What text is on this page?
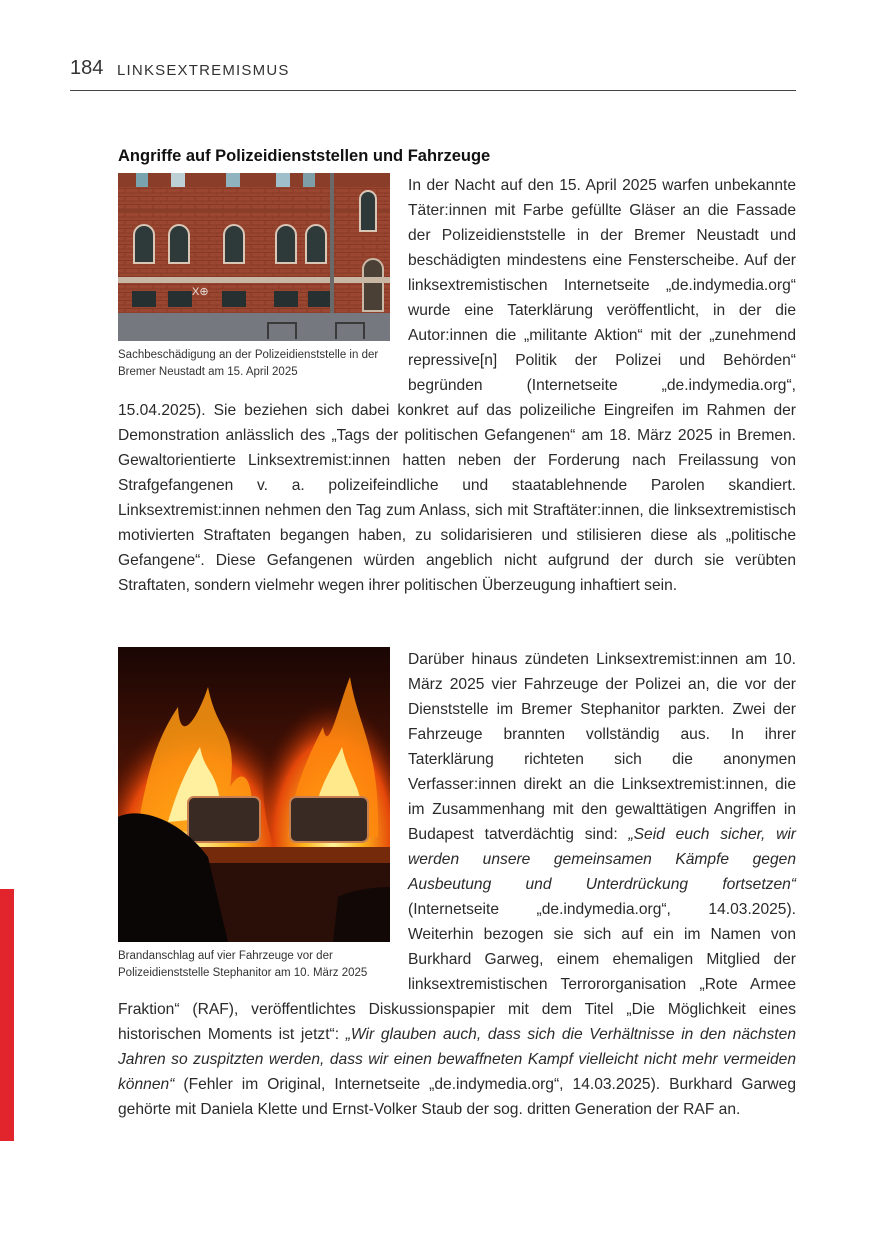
184 LINKSEXTREMISMUS
Angriffe auf Polizeidienststellen und Fahrzeuge
X⊕
Sachbeschädigung an der Polizeidienststelle in der Bremer Neustadt am 15. April 2025
In der Nacht auf den 15. April 2025 warfen unbekannte Täter:innen mit Farbe gefüllte Gläser an die Fassade der Polizeidienststelle in der Bremer Neustadt und beschädigten mindestens eine Fensterscheibe. Auf der linksextremistischen Internetseite „de.indymedia.org“ wurde eine Taterklärung veröffentlicht, in der die Autor:innen die „militante Aktion“ mit der „zunehmend repressive[n] Politik der Polizei und Behörden“ begründen (Internetseite „de.indymedia.org“, 15.04.2025). Sie beziehen sich dabei konkret auf das polizeiliche Eingreifen im Rahmen der Demonstration anlässlich des „Tags der politischen Gefangenen“ am 18. März 2025 in Bremen. Gewaltorientierte Linksextremist:innen hatten neben der Forderung nach Freilassung von Strafgefangenen v. a. polizeifeindliche und staatablehnende Parolen skandiert. Linksextremist:innen nehmen den Tag zum Anlass, sich mit Straftäter:innen, die linksextremistisch motivierten Straftaten begangen haben, zu solidarisieren und stilisieren diese als „politische Gefangene“. Diese Gefangenen würden angeblich nicht aufgrund der durch sie verübten Straftaten, sondern vielmehr wegen ihrer politischen Überzeugung inhaftiert sein.
Brandanschlag auf vier Fahrzeuge vor der Polizeidienststelle Stephanitor am 10. März 2025
Darüber hinaus zündeten Linksextremist:innen am 10. März 2025 vier Fahrzeuge der Polizei an, die vor der Dienststelle im Bremer Stephanitor parkten. Zwei der Fahrzeuge brannten vollständig aus. In ihrer Taterklärung richteten sich die anonymen Verfasser:innen direkt an die Linksextremist:innen, die im Zusammenhang mit den gewalttätigen Angriffen in Budapest tatverdächtig sind: „Seid euch sicher, wir werden unsere gemeinsamen Kämpfe gegen Ausbeutung und Unterdrückung fortsetzen“ (Internetseite „de.indymedia.org“, 14.03.2025). Weiterhin bezogen sie sich auf ein im Namen von Burkhard Garweg, einem ehemaligen Mitglied der linksextremistischen Terrororganisation „Rote Armee Fraktion“ (RAF), veröffentlichtes Diskussionspapier mit dem Titel „Die Möglichkeit eines historischen Moments ist jetzt“: „Wir glauben auch, dass sich die Verhältnisse in den nächsten Jahren so zuspitzten werden, dass wir einen bewaffneten Kampf vielleicht nicht mehr vermeiden können“ (Fehler im Original, Internetseite „de.indymedia.org“, 14.03.2025). Burkhard Garweg gehörte mit Daniela Klette und Ernst-Volker Staub der sog. dritten Generation der RAF an.
